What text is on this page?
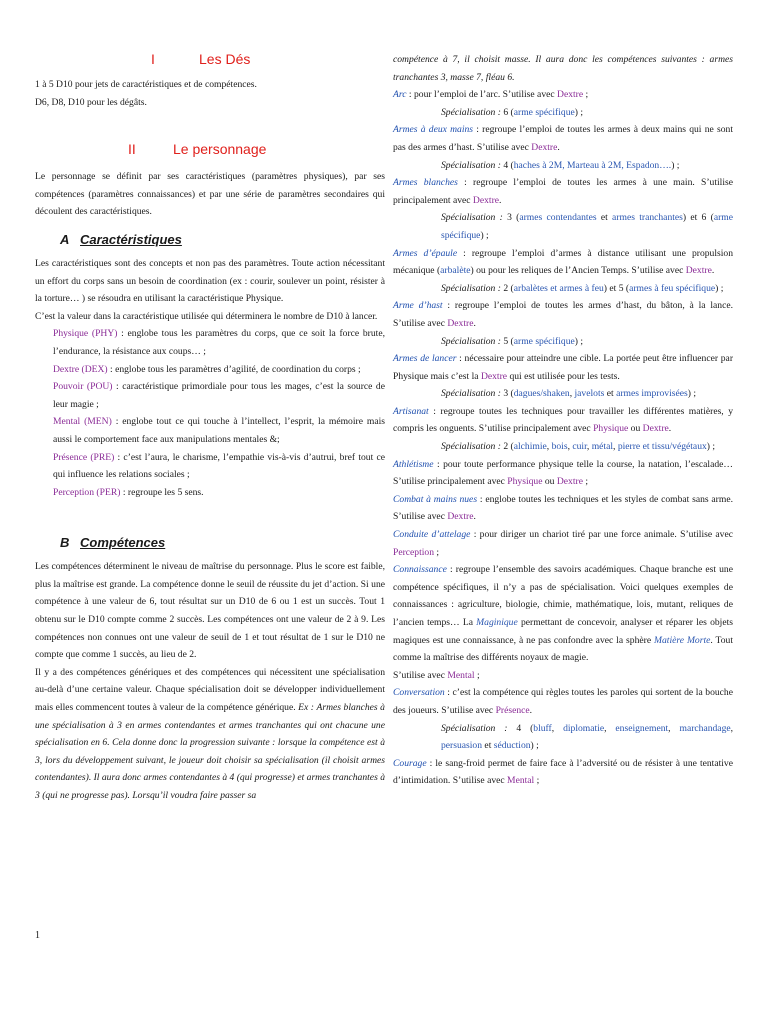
I	Les Dés

1 à 5 D10 pour jets de caractéristiques et de compétences.

D6, D8, D10 pour les dégâts.

II	Le personnage

Le personnage se définit par ses caractéristiques (paramètres physiques), par ses compétences (paramètres connaissances) et par une série de paramètres secondaires qui découlent des caractéristiques.

A Caractéristiques

Les caractéristiques sont des concepts et non pas des paramètres. Toute action nécessitant un effort du corps sans un besoin de coordination (ex : courir, soulever un point, résister à la torture… ) se résoudra en utilisant la caractéristique Physique.

C’est la valeur dans la caractéristique utilisée qui déterminera le nombre de D10 à lancer.

Physique (PHY) : englobe tous les paramètres du corps, que ce soit la force brute, l’endurance, la résistance aux coups… ;

Dextre (DEX) : englobe tous les paramètres d’agilité, de coordination du corps ;

Pouvoir (POU) : caractéristique primordiale pour tous les mages, c’est la source de leur magie ;

Mental (MEN) : englobe tout ce qui touche à l’intellect, l’esprit, la mémoire mais aussi le comportement face aux manipulations mentales &;

Présence (PRE) : c’est l’aura, le charisme, l’empathie vis-à-vis d’autrui, bref tout ce qui influence les relations sociales ;

Perception (PER) : regroupe les 5 sens.

B Compétences

Les compétences déterminent le niveau de maîtrise du personnage. Plus le score est faible, plus la maîtrise est grande. La compétence donne le seuil de réussite du jet d’action. Si une compétence à une valeur de 6, tout résultat sur un D10 de 6 ou 1 est un succès. Tout 1 obtenu sur le D10 compte comme 2 succès. Les compétences ont une valeur de 2 à 9. Les compétences non connues ont une valeur de seuil de 1 et tout résultat de 1 sur le D10 ne compte que comme 1 succès, au lieu de 2.

Il y a des compétences génériques et des compétences qui nécessitent une spécialisation au-delà d’une certaine valeur. Chaque spécialisation doit se développer individuellement mais elles commencent toutes à valeur de la compétence générique. Ex : Armes blanches à une spécialisation à 3 en armes contendantes et armes tranchantes qui ont chacune une spécialisation en 6. Cela donne donc la progression suivante : lorsque la compétence est à 3, lors du développement suivant, le joueur doit choisir sa spécialisation (il choisit armes contendantes). Il aura donc armes contendantes à 4 (qui progresse) et armes tranchantes à 3 (qui ne progresse pas). Lorsqu’il voudra faire passer sa

compétence à 7, il choisit masse. Il aura donc les compétences suivantes : armes tranchantes 3, masse 7, fléau 6.

Arc : pour l’emploi de l’arc. S’utilise avec Dextre ;

Spécialisation : 6 (arme spécifique) ;

Armes à deux mains : regroupe l’emploi de toutes les armes à deux mains qui ne sont pas des armes d’hast. S’utilise avec Dextre.

Spécialisation : 4 (haches à 2M, Marteau à 2M, Espadon….) ;

Armes blanches : regroupe l’emploi de toutes les armes à une main. S’utilise principalement avec Dextre.

Spécialisation : 3 (armes contendantes et armes tranchantes) et 6 (arme spécifique) ;

Armes d’épaule : regroupe l’emploi d’armes à distance utilisant une propulsion mécanique (arbalète) ou pour les reliques de l’Ancien Temps. S’utilise avec Dextre.

Spécialisation : 2 (arbalètes et armes à feu) et 5 (armes à feu spécifique) ;

Arme d’hast : regroupe l’emploi de toutes les armes d’hast, du bâton, à la lance. S’utilise avec Dextre.

Spécialisation : 5 (arme spécifique) ;

Armes de lancer : nécessaire pour atteindre une cible. La portée peut être influencer par Physique mais c’est la Dextre qui est utilisée pour les tests.

Spécialisation : 3 (dagues/shaken, javelots et armes improvisées) ;

Artisanat : regroupe toutes les techniques pour travailler les différentes matières, y compris les onguents. S’utilise principalement avec Physique ou Dextre.

Spécialisation : 2 (alchimie, bois, cuir, métal, pierre et tissu/végétaux) ;

Athlétisme : pour toute performance physique telle la course, la natation, l’escalade… S’utilise principalement avec Physique ou Dextre ;

Combat à mains nues : englobe toutes les techniques et les styles de combat sans arme. S’utilise avec Dextre.

Conduite d’attelage : pour diriger un chariot tiré par une force animale. S’utilise avec Perception ;

Connaissance : regroupe l’ensemble des savoirs académiques. Chaque branche est une compétence spécifiques, il n’y a pas de spécialisation. Voici quelques exemples de connaissances : agriculture, biologie, chimie, mathématique, lois, mutant, reliques de l’ancien temps… La Maginique permettant de concevoir, analyser et réparer les objets magiques est une connaissance, à ne pas confondre avec la sphère Matière Morte. Tout comme la maîtrise des différents noyaux de magie.

S’utilise avec Mental ;

Conversation : c’est la compétence qui règles toutes les paroles qui sortent de la bouche des joueurs. S’utilise avec Présence.

Spécialisation : 4 (bluff, diplomatie, enseignement, marchandage, persuasion et séduction) ;

Courage : le sang-froid permet de faire face à l’adversité ou de résister à une tentative d’intimidation. S’utilise avec Mental ;

1
